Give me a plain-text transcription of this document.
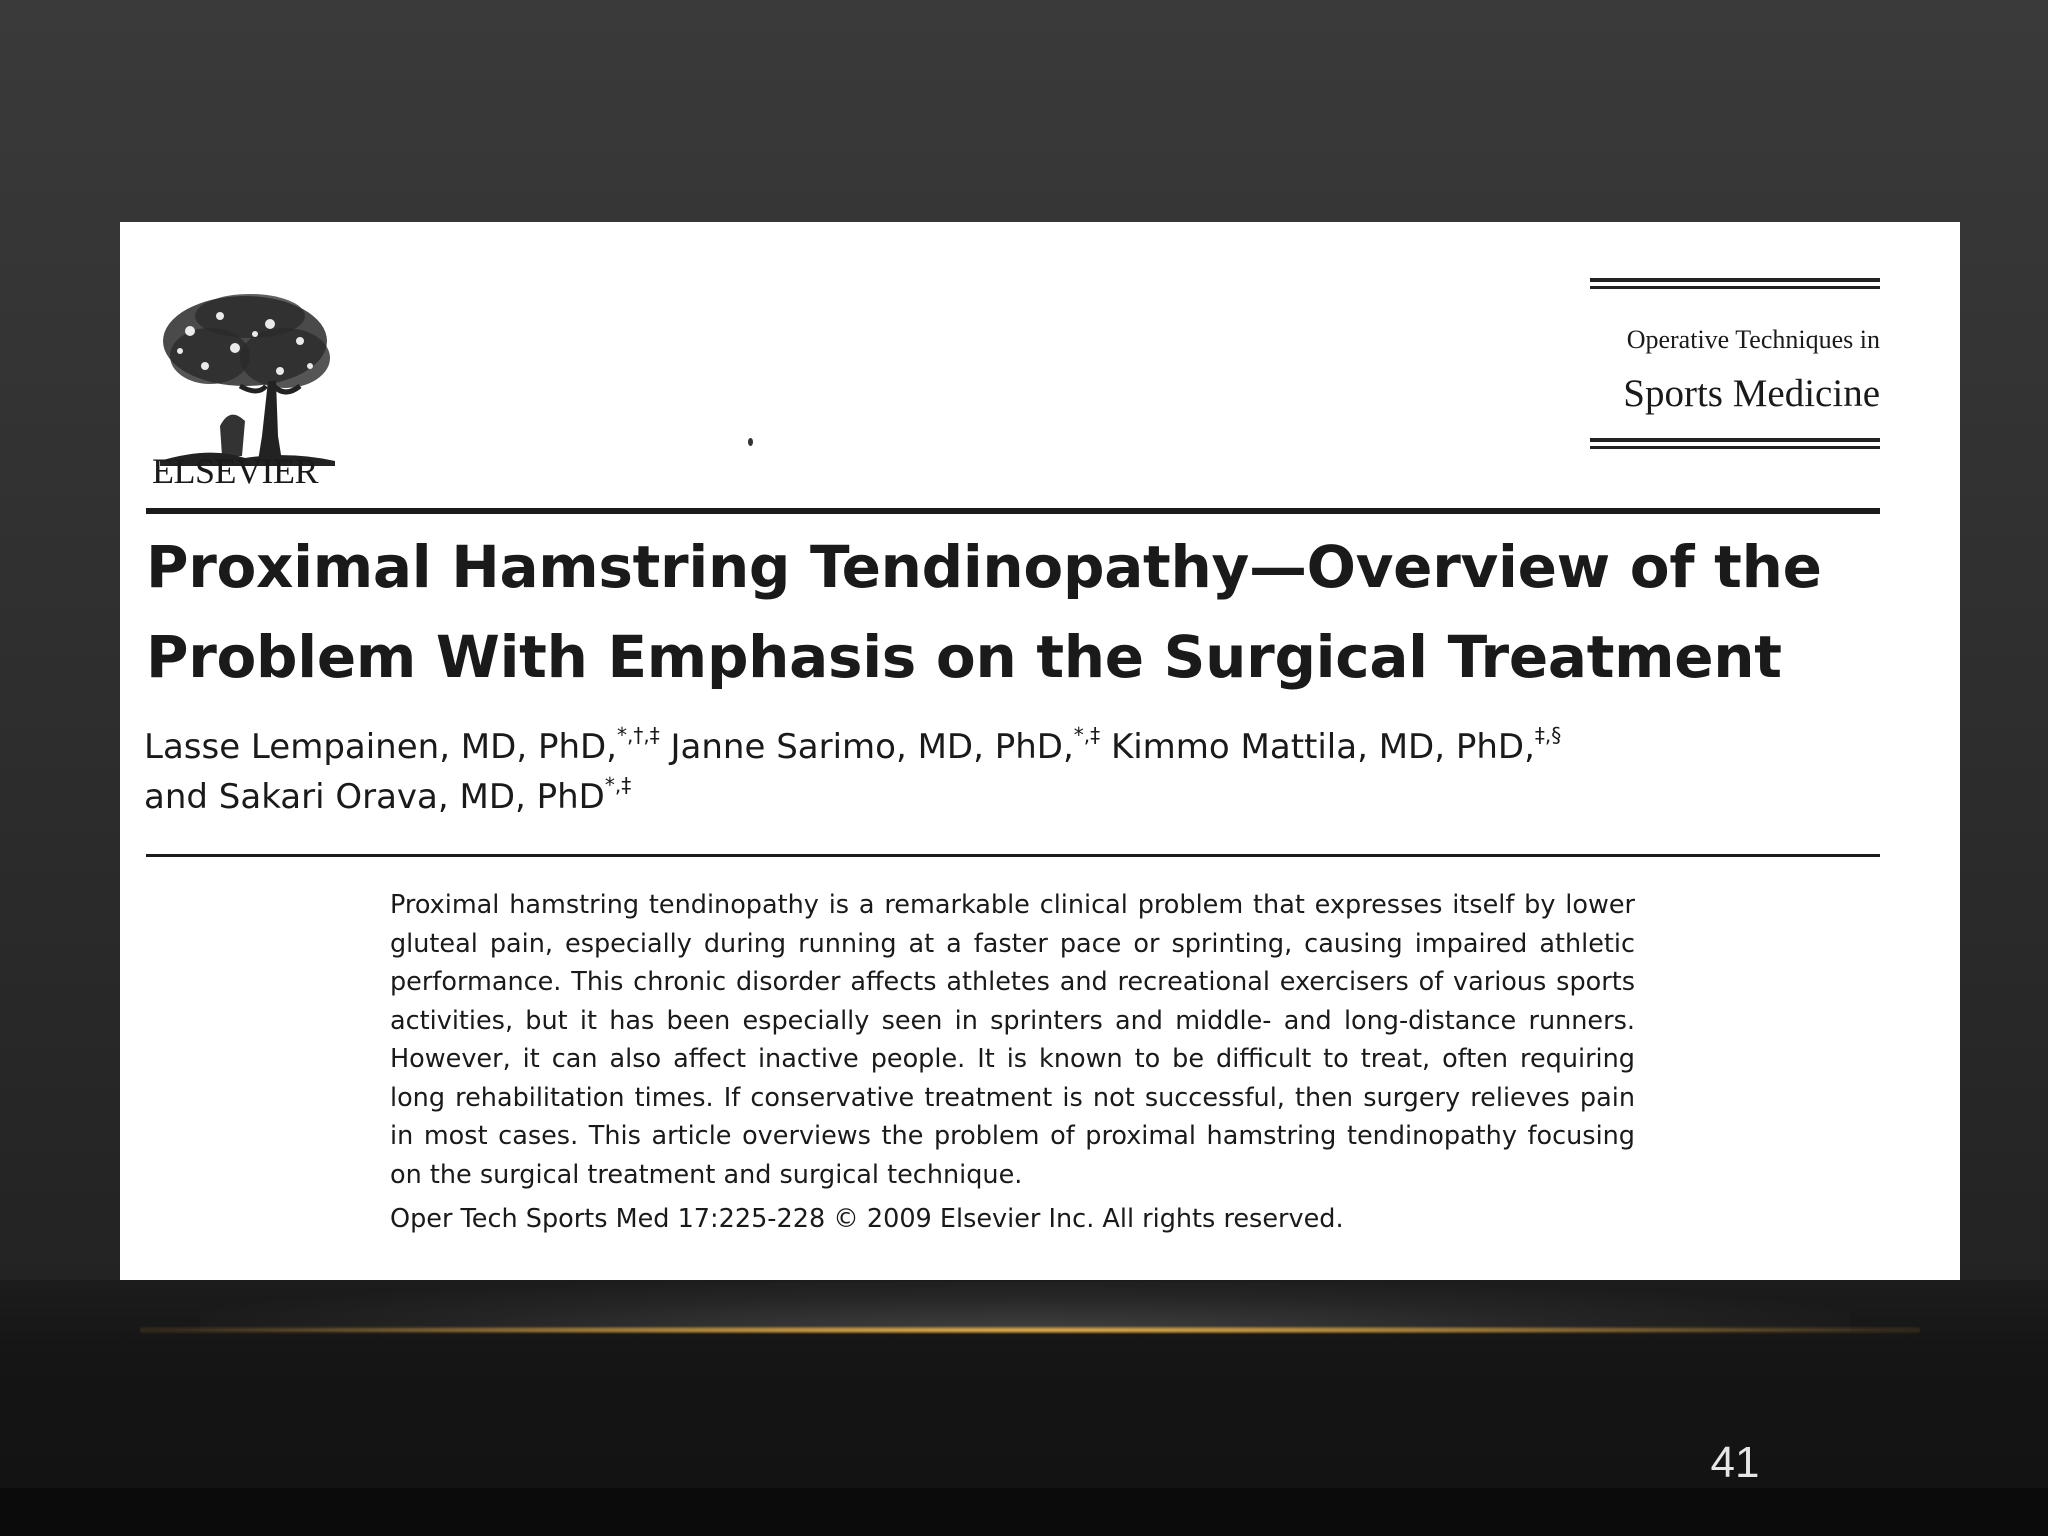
41
ELSEVIER
Operative Techniques in
Sports Medicine
Proximal Hamstring Tendinopathy—Overview of the Problem With Emphasis on the Surgical Treatment
Lasse Lempainen, MD, PhD,*,†,‡ Janne Sarimo, MD, PhD,*,‡ Kimmo Mattila, MD, PhD,‡,§
and Sakari Orava, MD, PhD*,‡
Proximal hamstring tendinopathy is a remarkable clinical problem that expresses itself by lower gluteal pain, especially during running at a faster pace or sprinting, causing impaired athletic performance. This chronic disorder affects athletes and recreational exercisers of various sports activities, but it has been especially seen in sprinters and middle- and long-distance runners. However, it can also affect inactive people. It is known to be difficult to treat, often requiring long rehabilitation times. If conservative treatment is not successful, then surgery relieves pain in most cases. This article overviews the problem of proximal hamstring tendinopathy focusing on the surgical treatment and surgical technique.
Oper Tech Sports Med 17:225-228 © 2009 Elsevier Inc. All rights reserved.
